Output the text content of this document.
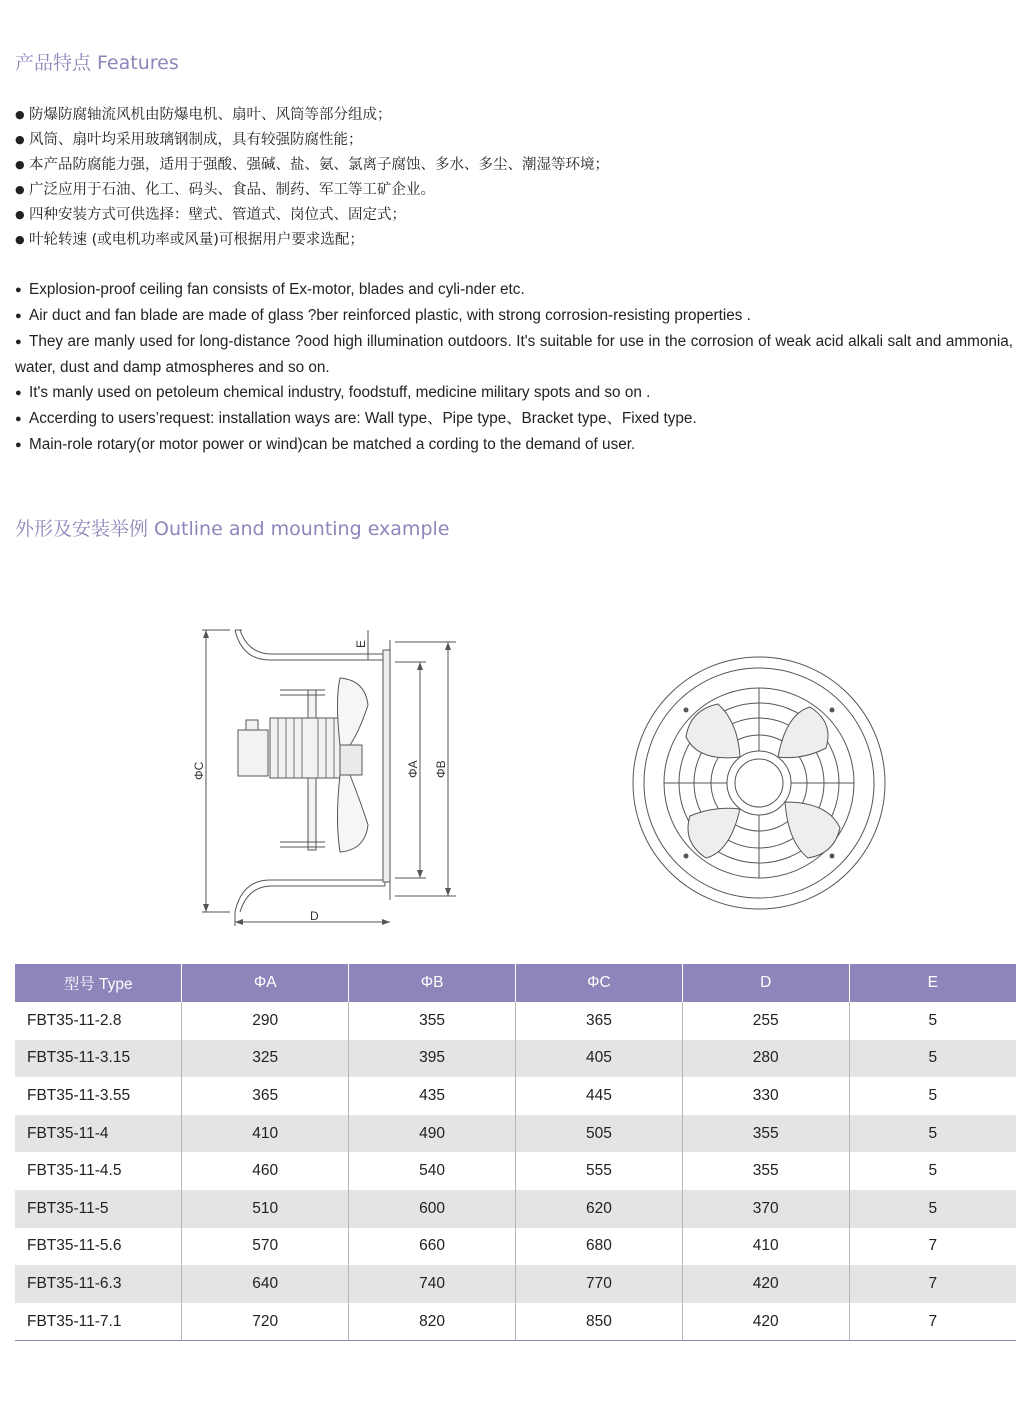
产品特点 Features
● 防爆防腐轴流风机由防爆电机、扇叶、风筒等部分组成；
● 风筒、扇叶均采用玻璃钢制成，具有较强防腐性能；
● 本产品防腐能力强，适用于强酸、强碱、盐、氨、氯离子腐蚀、多水、多尘、潮湿等环境；
● 广泛应用于石油、化工、码头、食品、制药、军工等工矿企业。
● 四种安装方式可供选择：壁式、管道式、岗位式、固定式；
● 叶轮转速 (或电机功率或风量)可根据用户要求选配；
● Explosion-proof ceiling fan consists of Ex-motor, blades and cyli-nder etc.
● Air duct and fan blade are made of glass ?ber reinforced plastic, with strong corrosion-resisting properties .
● They are manly used for long-distance ?ood high illumination outdoors. It's suitable for use in the corrosion of weak acid alkali salt and ammonia, water, dust and damp atmospheres and so on.
● It's manly used on petoleum chemical industry, foodstuff, medicine military spots and so on .
● Accerding to users’request: installation ways are: Wall type、Pipe type、Bracket type、Fixed type.
● Main-role rotary(or motor power or wind)can be matched a cording to the demand of user.
外形及安装举例 Outline and mounting example
ΦC	ΦA ΦB
D
E
型号 Type	ΦA	ΦB	ΦC	D	E
FBT35-11-2.8	290	355	365	255	5
FBT35-11-3.15	325	395	405	280	5
FBT35-11-3.55	365	435	445	330	5
FBT35-11-4	410	490	505	355	5
FBT35-11-4.5	460	540	555	355	5
FBT35-11-5	510	600	620	370	5
FBT35-11-5.6	570	660	680	410	7
FBT35-11-6.3	640	740	770	420	7
FBT35-11-7.1	720	820	850	420	7
